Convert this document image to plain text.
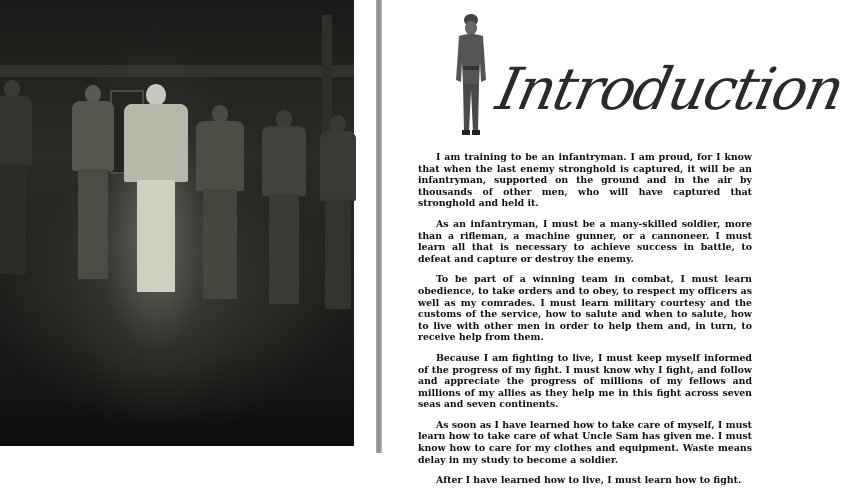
Introduction

I am training to be an infantryman. I am proud, for I know that when the last enemy stronghold is captured, it will be an infantryman, supported on the ground and in the air by thousands of other men, who will have captured that stronghold and held it.

As an infantryman, I must be a many-skilled soldier, more than a rifleman, a machine gunner, or a cannoneer. I must learn all that is necessary to achieve success in battle, to defeat and capture or destroy the enemy.

To be part of a winning team in combat, I must learn obedience, to take orders and to obey, to respect my officers as well as my comrades. I must learn military courtesy and the customs of the service, how to salute and when to salute, how to live with other men in order to help them and, in turn, to receive help from them.

Because I am fighting to live, I must keep myself informed of the progress of my fight. I must know why I fight, and follow and appreciate the progress of millions of my fellows and millions of my allies as they help me in this fight across seven seas and seven continents.

As soon as I have learned how to take care of myself, I must learn how to take care of what Uncle Sam has given me. I must know how to care for my clothes and equipment. Waste means delay in my study to become a soldier.

After I have learned how to live, I must learn how to fight.
